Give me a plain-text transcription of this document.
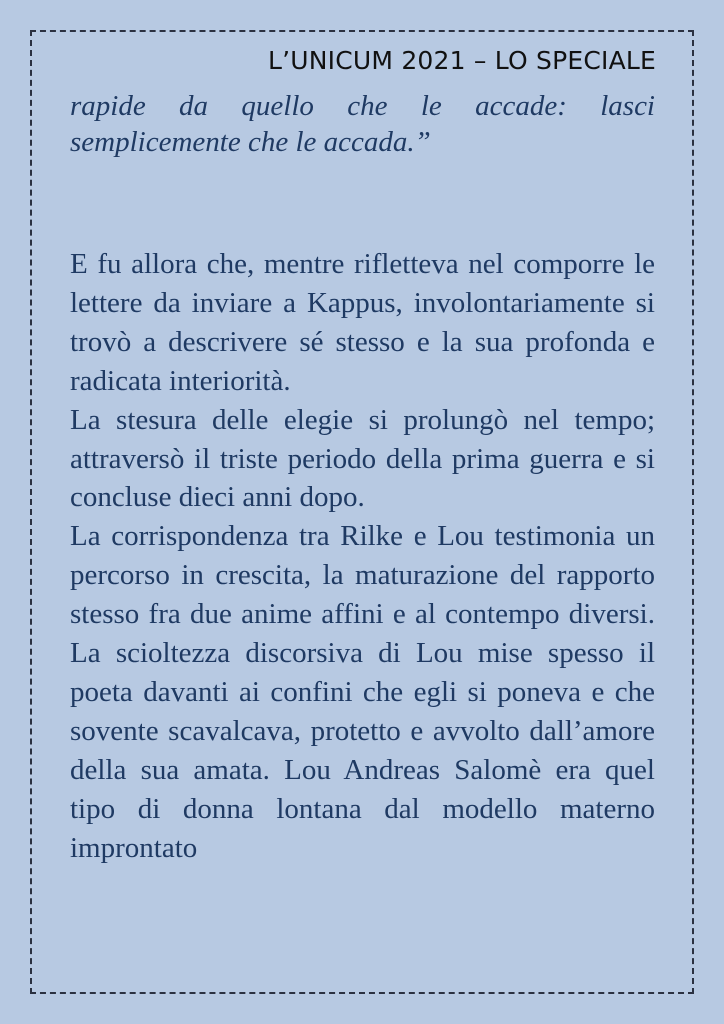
L’UNICUM 2021 – LO SPECIALE

rapide da quello che le accade: lasci semplicemente che le accada.”

E fu allora che, mentre rifletteva nel comporre le lettere da inviare a Kappus, involontariamente si trovò a descrivere sé stesso e la sua profonda e radicata interiorità.

La stesura delle elegie si prolungò nel tempo; attraversò il triste periodo della prima guerra e si concluse dieci anni dopo.

La corrispondenza tra Rilke e Lou testimonia un percorso in crescita, la maturazione del rapporto stesso fra due anime affini e al contempo diversi. La scioltezza discorsiva di Lou mise spesso il poeta davanti ai confini che egli si poneva e che sovente scavalcava, protetto e avvolto dall’amore della sua amata. Lou Andreas Salomè era quel tipo di donna lontana dal modello materno improntato
